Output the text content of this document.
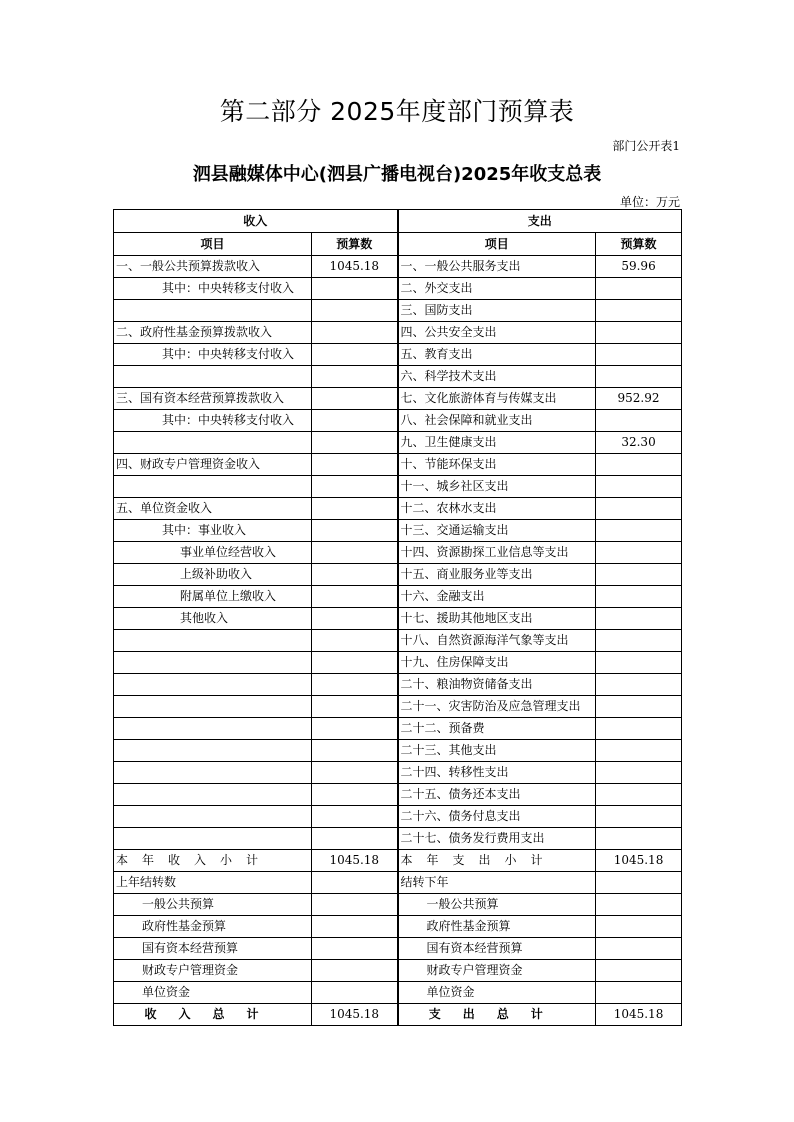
第二部分 2025年度部门预算表
部门公开表1
泗县融媒体中心(泗县广播电视台)2025年收支总表
单位：万元
收入		支出	
项目	预算数	项目	预算数
一、一般公共预算拨款收入	1045.18	一、一般公共服务支出	59.96
其中：中央转移支付收入		二、外交支出	
		三、国防支出	
二、政府性基金预算拨款收入		四、公共安全支出	
其中：中央转移支付收入		五、教育支出	
		六、科学技术支出	
三、国有资本经营预算拨款收入		七、文化旅游体育与传媒支出	952.92
其中：中央转移支付收入		八、社会保障和就业支出	
		九、卫生健康支出	32.30
四、财政专户管理资金收入		十、节能环保支出	
		十一、城乡社区支出	
五、单位资金收入		十二、农林水支出	
其中：事业收入		十三、交通运输支出	
事业单位经营收入		十四、资源勘探工业信息等支出	
上级补助收入		十五、商业服务业等支出	
附属单位上缴收入		十六、金融支出	
其他收入		十七、援助其他地区支出	
		十八、自然资源海洋气象等支出	
		十九、住房保障支出	
		二十、粮油物资储备支出	
		二十一、灾害防治及应急管理支出	
		二十二、预备费	
		二十三、其他支出	
		二十四、转移性支出	
		二十五、债务还本支出	
		二十六、债务付息支出	
		二十七、债务发行费用支出	
本年收入小计	1045.18	本年支出小计	1045.18
上年结转数		结转下年	
一般公共预算		一般公共预算	
政府性基金预算		政府性基金预算	
国有资本经营预算		国有资本经营预算	
财政专户管理资金		财政专户管理资金	
单位资金		单位资金	
收入总计	1045.18	支出总计	1045.18
